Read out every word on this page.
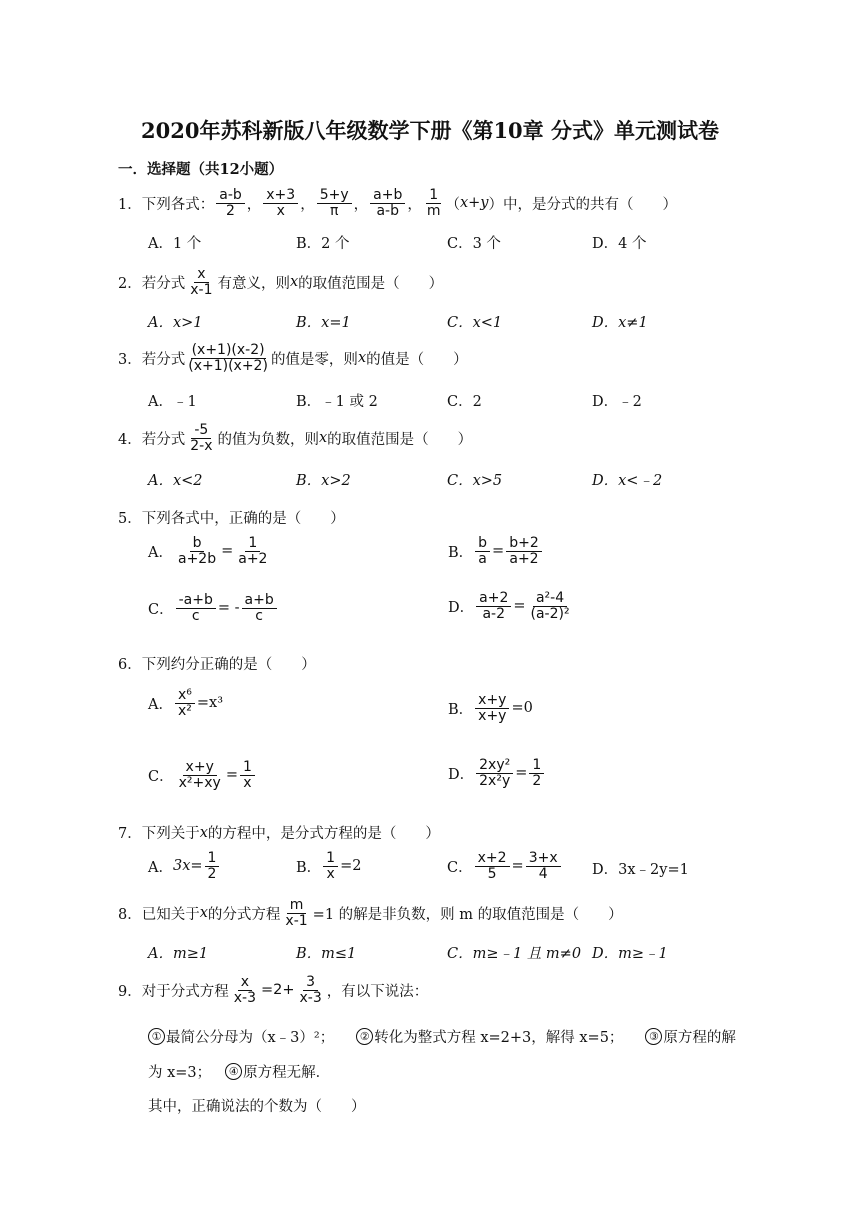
2020年苏科新版八年级数学下册《第10章 分式》单元测试卷
一．选择题（共12小题）
1．下列各式： $\frac{a-b}{2}$ ， $\frac{x+3}{x}$ ， $\frac{5+y}{\pi}$ ， $\frac{a+b}{a-b}$ ， $\frac{1}{m}$ （ x+y ）中，是分式的共有（　　）
A．1 个	B．2 个	C．3 个	D．4 个
2．若分式 $\frac{x}{x-1}$ 有意义，则 x 的取值范围是（　　）
A．x>1	B．x=1	C．x<1	D．x≠1
3．若分式 $\frac{(x+1)(x-2)}{(x+1)(x+2)}$ 的值是零，则 x 的值是（　　）
A．﹣1	B．﹣1 或 2	C．2	D．﹣2
4．若分式 $\frac{-5}{2-x}$ 的值为负数，则 x 的取值范围是（　　）
A．x<2	B．x>2	C．x>5	D．x<﹣2
5．下列各式中，正确的是（　　）
A． $\frac{b}{a+2b} = \frac{1}{a+2}$	B． $\frac{b}{a} = \frac{b+2}{a+2}$
C． $\frac{-a+b}{c}$ = - $\frac{a+b}{c}$	D． $\frac{a+2}{a-2} = \frac{\text{a²-4}}{\text{(a-2)²}}$
6．下列约分正确的是（　　）
A． $\frac{\text{x⁶}}{\text{x²}} =x^3$	B． $\frac{x+y}{x+y} =0$
C． $\frac{x+y}{\text{x²+xy}} = \frac{1}{x}$	D． $\frac{\text{2xy²}}{\text{2x²y}} = \frac{1}{2}$
7．下列关于 x 的方程中，是分式方程的是（　　）
A． $3x= \frac{1}{2}$	B． $\frac{1}{x} =2$	C． $\frac{x+2}{5} = \frac{3+x}{4}$ D．3x﹣2y=1
8．已知关于 x 的分式方程 $\frac{m}{x-1} =1$ 的解是非负数，则 m 的取值范围是（　　）
A．m≥1	B．m≤1	C．m≥﹣1 且 m≠0 D．m≥﹣1
9．对于分式方程 $\frac{x}{x-3} =2+ \frac{3}{x-3}$ ，有以下说法：
① 最简公分母为（x﹣3）²；	② 转化为整式方程 x=2+3，解得 x=5；	③ 原方程的解
为 x=3；	④ 原方程无解．
其中，正确说法的个数为（　　）
